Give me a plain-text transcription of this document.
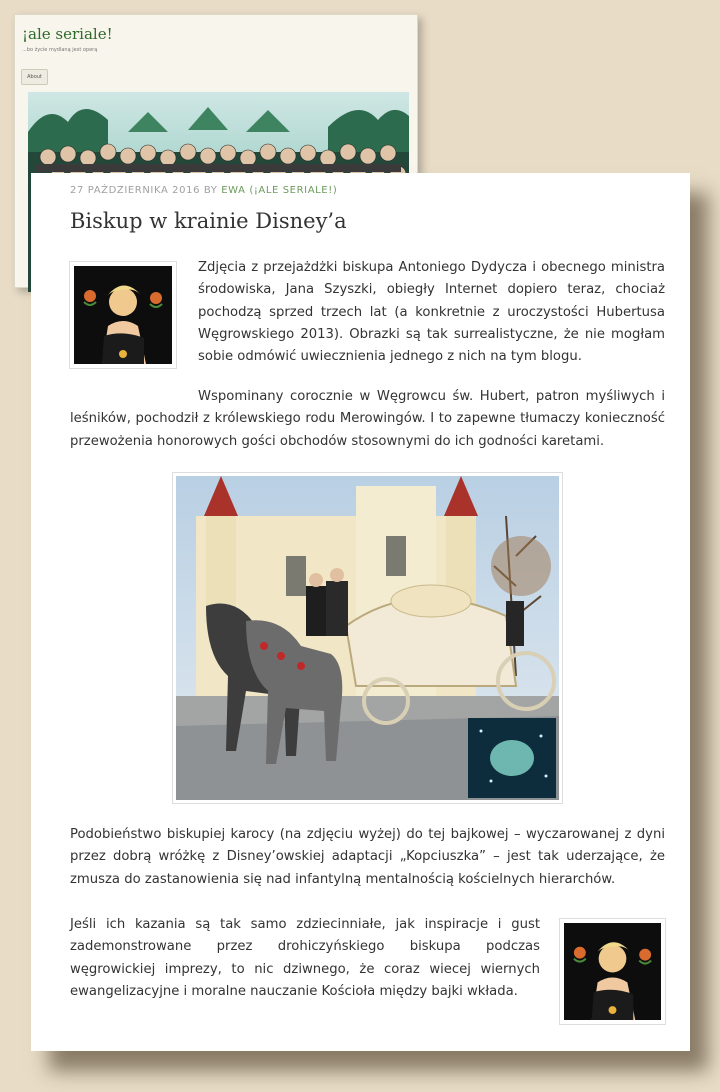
¡ale seriale!
...bo życie mydlaną jest operą
About
27 PAŹDZIERNIKA 2016 BY EWA (¡ALE SERIALE!)
Biskup w krainie Disney’a

Zdjęcia z przejażdżki biskupa Antoniego Dydycza i obecnego ministra środowiska, Jana Szyszki, obiegły Internet dopiero teraz, chociaż pochodzą sprzed trzech lat (a konkretnie z uroczystości Hubertusa Węgrowskiego 2013). Obrazki są tak surrealistyczne, że nie mogłam sobie odmówić uwiecznienia jednego z nich na tym blogu.

Wspominany corocznie w Węgrowcu św. Hubert, patron myśliwych i leśników, pochodził z królewskiego rodu Merowingów. I to zapewne tłumaczy konieczność przewożenia honorowych gości obchodów stosownymi do ich godności karetami.

Podobieństwo biskupiej karocy (na zdjęciu wyżej) do tej bajkowej – wyczarowanej z dyni przez dobrą wróżkę z Disney’owskiej adaptacji „Kopciuszka” – jest tak uderzające, że zmusza do zastanowienia się nad infantylną mentalnością kościelnych hierarchów.

Jeśli ich kazania są tak samo zdziecinniałe, jak inspiracje i gust zademonstrowane przez drohiczyńskiego biskupa podczas węgrowickiej imprezy, to nic dziwnego, że coraz wiecej wiernych ewangelizacyjne i moralne nauczanie Kościoła między bajki wkłada.
